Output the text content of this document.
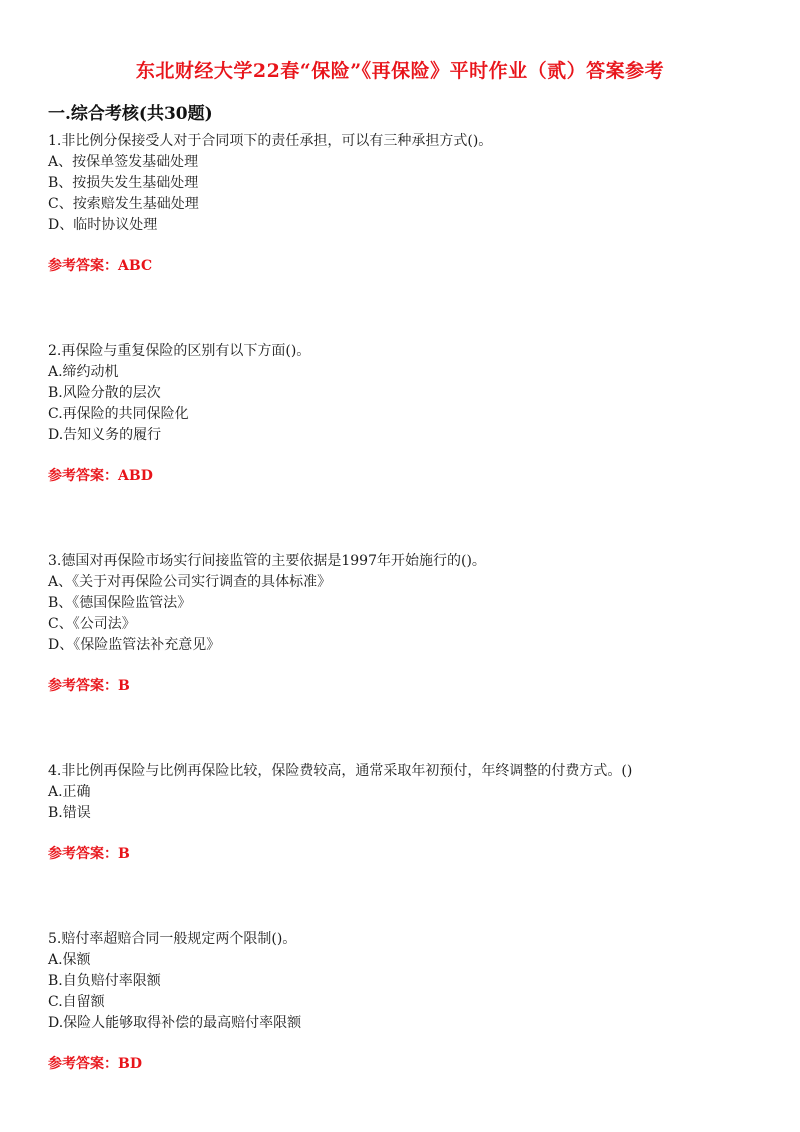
东北财经大学22春“保险”《再保险》平时作业（贰）答案参考
一.综合考核(共30题)
1.非比例分保接受人对于合同项下的责任承担，可以有三种承担方式()。
A、按保单签发基础处理
B、按损失发生基础处理
C、按索赔发生基础处理
D、临时协议处理
参考答案：ABC
2.再保险与重复保险的区别有以下方面()。
A.缔约动机
B.风险分散的层次
C.再保险的共同保险化
D.告知义务的履行
参考答案：ABD
3.德国对再保险市场实行间接监管的主要依据是1997年开始施行的()。
A、《关于对再保险公司实行调查的具体标准》
B、《德国保险监管法》
C、《公司法》
D、《保险监管法补充意见》
参考答案：B
4.非比例再保险与比例再保险比较，保险费较高，通常采取年初预付，年终调整的付费方式。()
A.正确
B.错误
参考答案：B
5.赔付率超赔合同一般规定两个限制()。
A.保额
B.自负赔付率限额
C.自留额
D.保险人能够取得补偿的最高赔付率限额
参考答案：BD
